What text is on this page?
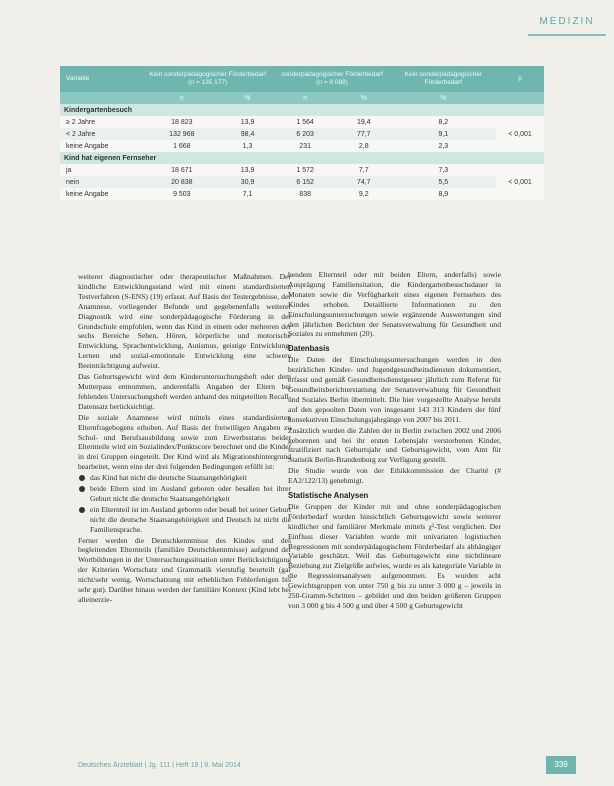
MEDIZIN
Variable	Kein sonderpädagogischer Förderbedarf (n = 135 177)		sonderpädagogischer Förderbedarf (n = 8 088)		Kein sonderpädagogischer Förderbedarf	p
	n	%	n	%	%	
Kindergartenbesuch						
≥ 2 Jahre	18 823	13,9	1 564	19,4	8,2	< 0,001
< 2 Jahre	132 968	98,4	6 203	77,7	9,1	
keine Angabe	1 668	1,3	231	2,8	2,3	
Kind hat eigenen Fernseher						
ja	18 671	13,9	1 572	7,7	7,3	< 0,001
nein	20 838	30,9	6 152	74,7	5,5	
keine Angabe	9 503	7,1	838	9,2	8,9	

weiterer diagnostischer oder therapeutischer Maßnahmen. Der kindliche Entwicklungsstand wird mit einem standardisierten Testverfahren (S-ENS) (19) erfasst. Auf Basis der Testergebnisse, der Anamnese, vorliegender Befunde und gegebenenfalls weiterer Diagnostik wird eine sonderpädagogische Förderung in der Grundschule empfohlen, wenn das Kind in einem oder mehreren der sechs Bereiche Sehen, Hören, körperliche und motorische Entwicklung, Sprachentwicklung, Autismus, geistige Entwicklung, Lernen und sozial-emotionale Entwicklung eine schwere Beeinträchtigung aufweist.

Das Geburtsgewicht wird dem Kinderuntersuchungsheft oder dem Mutterpass entnommen, anderenfalls Angaben der Eltern bei fehlenden Untersuchungsheft werden anhand des mitgeteilten Recall-Datensatz berücksichtigt.

Die soziale Anamnese wird mittels eines standardisierten Elternfragebogens erhoben. Auf Basis der freiwilligen Angaben zu Schul- und Berufsausbildung sowie zum Erwerbsstatus beider Elternteile wird ein Sozialindex/Punktscore berechnet und die Kinder in drei Gruppen eingeteilt. Der Kind wird als Migrationshintergrund bearbeitet, wenn eine der drei folgenden Bedingungen erfüllt ist:

das Kind hat nicht die deutsche Staatsangehörigkeit
beide Eltern sind im Ausland geboren oder besaßen bei ihrer Geburt nicht die deutsche Staatsangehörigkeit
ein Elternteil ist im Ausland geboren oder besaß bei seiner Geburt nicht die deutsche Staatsangehörigkeit und Deutsch ist nicht die Familiensprache.

Ferner werden die Deutschkenntnisse des Kindes und des begleitenden Elternteils (familiäre Deutschkenntnisse) aufgrund der Wortbildungen in der Untersuchungssituation unter Berücksichtigung der Kriterien Wortschatz und Grammatik vierstufig beurteilt (gar nicht/sehr wenig, Wortschatzung mit erheblichen Fehlerfenigen bis sehr gut). Darüber hinaus werden der familiäre Kontext (Kind lebt bei alleinerzie-

hendem Elternteil oder mit beiden Eltern, anderfalls) sowie Ausprägung Familiensitation, die Kindergartenbesuchsdauer in Monaten sowie die Verfügbarkeit eines eigenen Fernsehers des Kindes erhoben. Detaillierte Informationen zu den Einschulungsuntersuchungen sowie ergänzende Auswertungen sind den jährlichen Berichten der Senatsverwaltung für Gesundheit und Soziales zu entnehmen (20).

Datenbasis

Die Daten der Einschulungsuntersuchungen werden in den bezirklichen Kinder- und Jugendgesundheitsdiensten dokumentiert, erfasst und gemäß Gesundheitsdienstgesetz jährlich zum Referat für Gesundheitsberichterstattung der Senatsverwaltung für Gesundheit und Soziales Berlin übermittelt. Die hier vorgestellte Analyse beruht auf den gepoolten Daten von insgesamt 143 313 Kindern der fünf konsekutiven Einschulungsjahrgänge von 2007 bis 2011.

Zusätzlich wurden die Zahlen der in Berlin zwischen 2002 und 2006 geborenen und bei ihr ersten Lebensjahr verstorbenen Kinder, stratifiziert nach Geburtsjahr und Geburtsgewicht, vom Amt für Statistik Berlin-Brandenburg zur Verfügung gestellt.

Die Studie wurde von der Ethikkommission der Charité (# EA2/122/13) genehmigt.

Statistische Analysen

Die Gruppen der Kinder mit und ohne sonderpädagogischen Förderbedarf wurden hinsichtlich Geburtsgewicht sowie weiterer kindlicher und familiärer Merkmale mittels χ²-Test verglichen. Der Einfluss dieser Variablen wurde mit univariaten logistischen Regressionen mit sonderpädagogischem Förderbedarf als abhängiger Variable geschätzt. Weil das Geburtsgewicht eine nichtlineare Beziehung zur Zielgröße aufwies, wurde es als kategoriale Variable in die Regressionsanalysen aufgenommen. Es wurden acht Gewichtsgruppen von unter 750 g bis zu unter 3 000 g – jeweils in 250-Gramm-Schritten – gebildet und den beiden größeren Gruppen von 3 000 g bis 4 500 g und über 4 500 g Geburtsgewicht

Deutsches Ärzteblatt | Jg. 111 | Heft 18 | 9. Mai 2014	339
